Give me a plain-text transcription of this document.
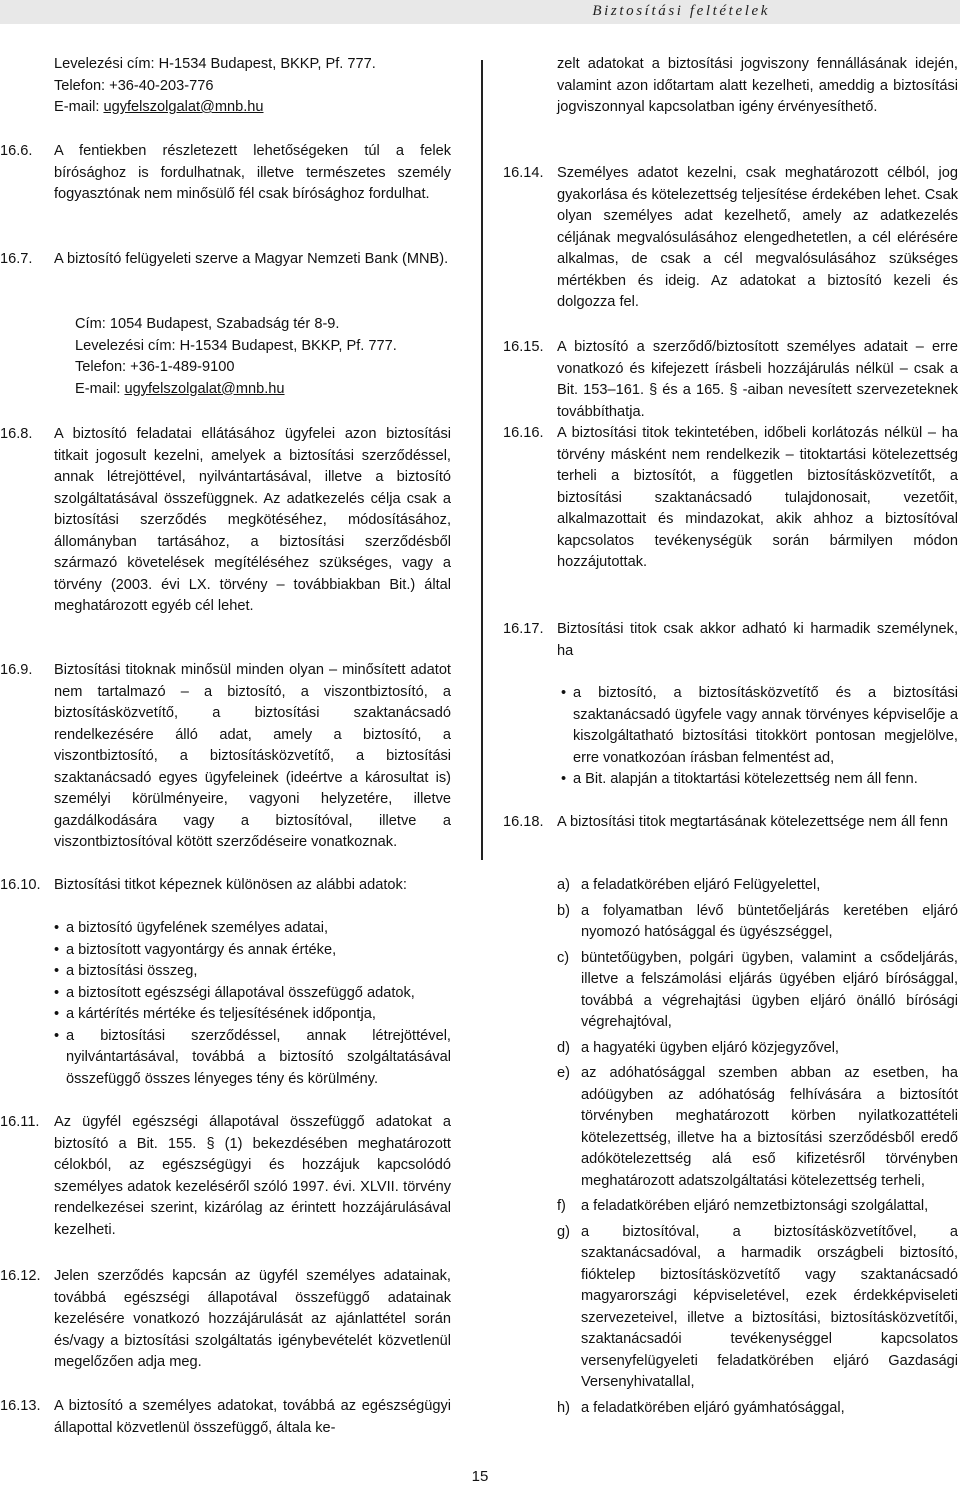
Biztosítási feltételek
Levelezési cím: H-1534 Budapest, BKKP, Pf. 777.
Telefon: +36-40-203-776
E-mail: ugyfelszolgalat@mnb.hu
16.6.	A fentiekben részletezett lehetőségeken túl a felek bírósághoz is fordulhatnak, illetve természetes személy fogyasztónak nem minősülő fél csak bírósághoz fordulhat.
16.7.	A biztosító felügyeleti szerve a Magyar Nemzeti Bank (MNB).
Cím: 1054 Budapest, Szabadság tér 8-9.
Levelezési cím: H-1534 Budapest, BKKP, Pf. 777.
Telefon: +36-1-489-9100
E-mail: ugyfelszolgalat@mnb.hu
16.8.	A biztosító feladatai ellátásához ügyfelei azon biztosítási titkait jogosult kezelni, amelyek a biztosítási szerződéssel, annak létrejöttével, nyilvántartásával, illetve a biztosító szolgáltatásával összefüggnek. Az adatkezelés célja csak a biztosítási szerződés megkötéséhez, módosításához, állományban tartásához, a biztosítási szerződésből származó követelések megítéléséhez szükséges, vagy a törvény (2003. évi LX. törvény – továbbiakban Bit.) által meghatározott egyéb cél lehet.
16.9.	Biztosítási titoknak minősül minden olyan – minősített adatot nem tartalmazó – a biztosító, a viszontbiztosító, a biztosításközvetítő, a biztosítási szaktanácsadó rendelkezésére álló adat, amely a biztosító, a viszontbiztosító, a biztosításközvetítő, a biztosítási szaktanácsadó egyes ügyfeleinek (ideértve a károsultat is) személyi körülményeire, vagyoni helyzetére, illetve gazdálkodására vagy a biztosítóval, illetve a viszontbiztosítóval kötött szerződéseire vonatkoznak.
16.10. Biztosítási titkot képeznek különösen az alábbi adatok:
• a biztosító ügyfelének személyes adatai,
• a biztosított vagyontárgy és annak értéke,
• a biztosítási összeg,
• a biztosított egészségi állapotával összefüggő adatok,
• a kártérítés mértéke és teljesítésének időpontja,
• a biztosítási szerződéssel, annak létrejöttével, nyilvántartásával, továbbá a biztosító szolgáltatásával összefüggő összes lényeges tény és körülmény.
16.11. Az ügyfél egészségi állapotával összefüggő adatokat a biztosító a Bit. 155. § (1) bekezdésében meghatározott célokból, az egészségügyi és hozzájuk kapcsolódó személyes adatok kezeléséről szóló 1997. évi. XLVII. törvény rendelkezései szerint, kizárólag az érintett hozzájárulásával kezelheti.
16.12. Jelen szerződés kapcsán az ügyfél személyes adatainak, továbbá egészségi állapotával összefüggő adatainak kezelésére vonatkozó hozzájárulását az ajánlattétel során és/vagy a biztosítási szolgáltatás igénybevételét közvetlenül megelőzően adja meg.
16.13. A biztosító a személyes adatokat, továbbá az egészségügyi állapottal közvetlenül összefüggő, általa ke-
zelt adatokat a biztosítási jogviszony fennállásának idején, valamint azon időtartam alatt kezelheti, ameddig a biztosítási jogviszonnyal kapcsolatban igény érvényesíthető.
16.14. Személyes adatot kezelni, csak meghatározott célból, jog gyakorlása és kötelezettség teljesítése érdekében lehet. Csak olyan személyes adat kezelhető, amely az adatkezelés céljának megvalósulásához elengedhetetlen, a cél elérésére alkalmas, de csak a cél megvalósulásához szükséges mértékben és ideig. Az adatokat a biztosító kezeli és dolgozza fel.
16.15. A biztosító a szerződő/biztosított személyes adatait – erre vonatkozó és kifejezett írásbeli hozzájárulás nélkül – csak a Bit. 153–161. § és a 165. § -aiban nevesített szervezeteknek továbbíthatja.
16.16. A biztosítási titok tekintetében, időbeli korlátozás nélkül – ha törvény másként nem rendelkezik – titoktartási kötelezettség terheli a biztosítót, a független biztosításközvetítőt, a biztosítási szaktanácsadó tulajdonosait, vezetőit, alkalmazottait és mindazokat, akik ahhoz a biztosítóval kapcsolatos tevékenységük során bármilyen módon hozzájutottak.
16.17. Biztosítási titok csak akkor adható ki harmadik személynek, ha
• a biztosító, a biztosításközvetítő és a biztosítási szaktanácsadó ügyfele vagy annak törvényes képviselője a kiszolgáltatható biztosítási titokkört pontosan megjelölve, erre vonatkozóan írásban felmentést ad,
• a Bit. alapján a titoktartási kötelezettség nem áll fenn.
16.18. A biztosítási titok megtartásának kötelezettsége nem áll fenn
a) a feladatkörében eljáró Felügyelettel,
b) a folyamatban lévő büntetőeljárás keretében eljáró nyomozó hatósággal és ügyészséggel,
c) büntetőügyben, polgári ügyben, valamint a csődeljárás, illetve a felszámolási eljárás ügyében eljáró bírósággal, továbbá a végrehajtási ügyben eljáró önálló bírósági végrehajtóval,
d) a hagyatéki ügyben eljáró közjegyzővel,
e) az adóhatósággal szemben abban az esetben, ha adóügyben az adóhatóság felhívására a biztosítót törvényben meghatározott körben nyilatkozattételi kötelezettség, illetve ha a biztosítási szerződésből eredő adókötelezettség alá eső kifizetésről törvényben meghatározott adatszolgáltatási kötelezettség terheli,
f)	a feladatkörében eljáró nemzetbiztonsági szolgálattal,
g) a biztosítóval, a biztosításközvetítővel, a szaktanácsadóval, a harmadik országbeli biztosító, fióktelep biztosításközvetítő vagy szaktanácsadó magyarországi képviseletével, ezek érdekképviseleti szervezeteivel, illetve a biztosítási, biztosításközvetítői, szaktanácsadói tevékenységgel kapcsolatos versenyfelügyeleti feladatkörében eljáró Gazdasági Versenyhivatallal,
h) a feladatkörében eljáró gyámhatósággal,
15
